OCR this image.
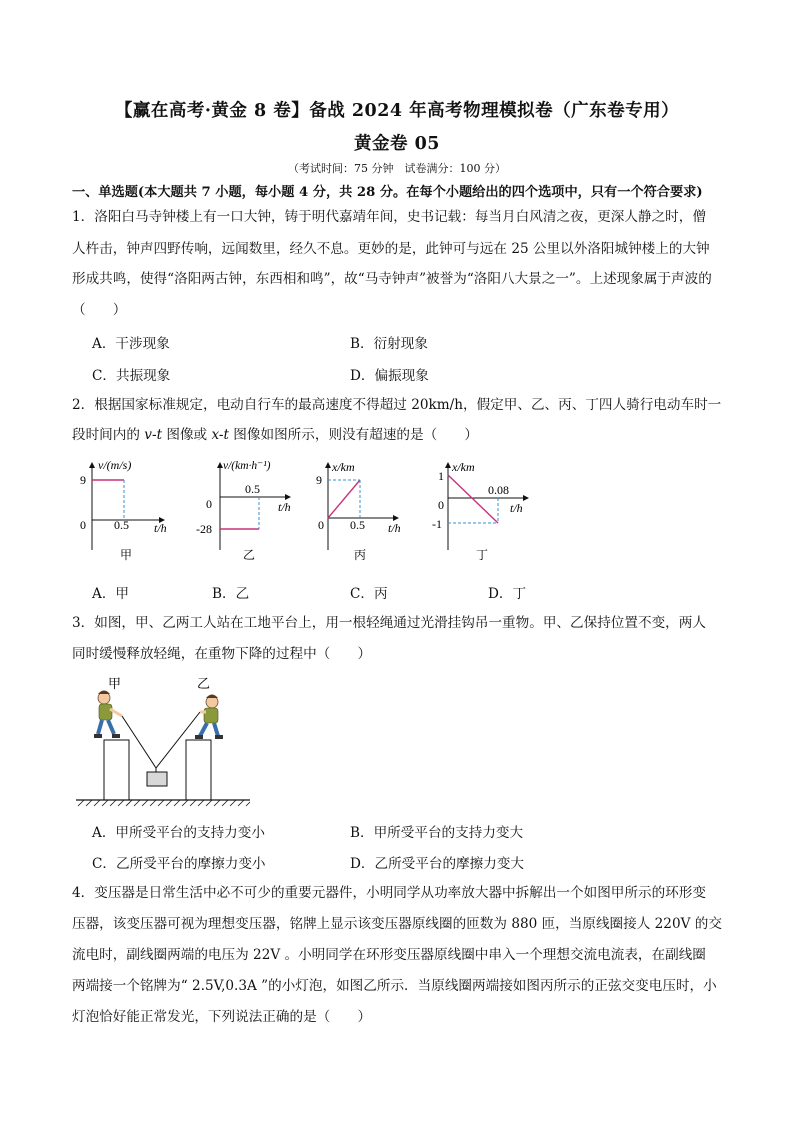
【赢在高考·黄金 8 卷】备战 2024 年高考物理模拟卷（广东卷专用）
黄金卷 05
（考试时间：75 分钟　试卷满分：100 分）
一、单选题(本大题共 7 小题，每小题 4 分，共 28 分。在每个小题给出的四个选项中，只有一个符合要求)
1．洛阳白马寺钟楼上有一口大钟，铸于明代嘉靖年间，史书记载：每当月白风清之夜，更深人静之时，僧
人杵击，钟声四野传响，远闻数里，经久不息。更妙的是，此钟可与远在 25 公里以外洛阳城钟楼上的大钟
形成共鸣，使得“洛阳两古钟，东西相和鸣”，故“马寺钟声”被誉为“洛阳八大景之一”。上述现象属于声波的
（　　）
A．干涉现象	B．衍射现象
C．共振现象	D．偏振现象
2．根据国家标准规定，电动自行车的最高速度不得超过 20km/h，假定甲、乙、丙、丁四人骑行电动车时一
段时间内的 v-t 图像或 x-t 图像如图所示，则没有超速的是（　　）
v/(m/s)
9
0 0.5 t/h
甲
v/(km·h⁻¹)
0.5
0
-28
t/h
乙
x/km
9
0 0.5 t/h
丙
x/km
1
0.08
0	t/h
-1
丁
A．甲	B．乙	C．丙	D．丁
3．如图，甲、乙两工人站在工地平台上，用一根轻绳通过光滑挂钩吊一重物。甲、乙保持位置不变，两人
同时缓慢释放轻绳，在重物下降的过程中（　　）
甲	乙
A．甲所受平台的支持力变小	B．甲所受平台的支持力变大
C．乙所受平台的摩擦力变小	D．乙所受平台的摩擦力变大
4．变压器是日常生活中必不可少的重要元器件，小明同学从功率放大器中拆解出一个如图甲所示的环形变
压器，该变压器可视为理想变压器，铭牌上显示该变压器原线圈的匝数为 880 匝，当原线圈接人 220V 的交
流电时，副线圈两端的电压为 22V 。小明同学在环形变压器原线圈中串入一个理想交流电流表，在副线圈
两端接一个铭牌为“ 2.5V,0.3A ”的小灯泡，如图乙所示．当原线圈两端接如图丙所示的正弦交变电压时，小
灯泡恰好能正常发光，下列说法正确的是（　　）
